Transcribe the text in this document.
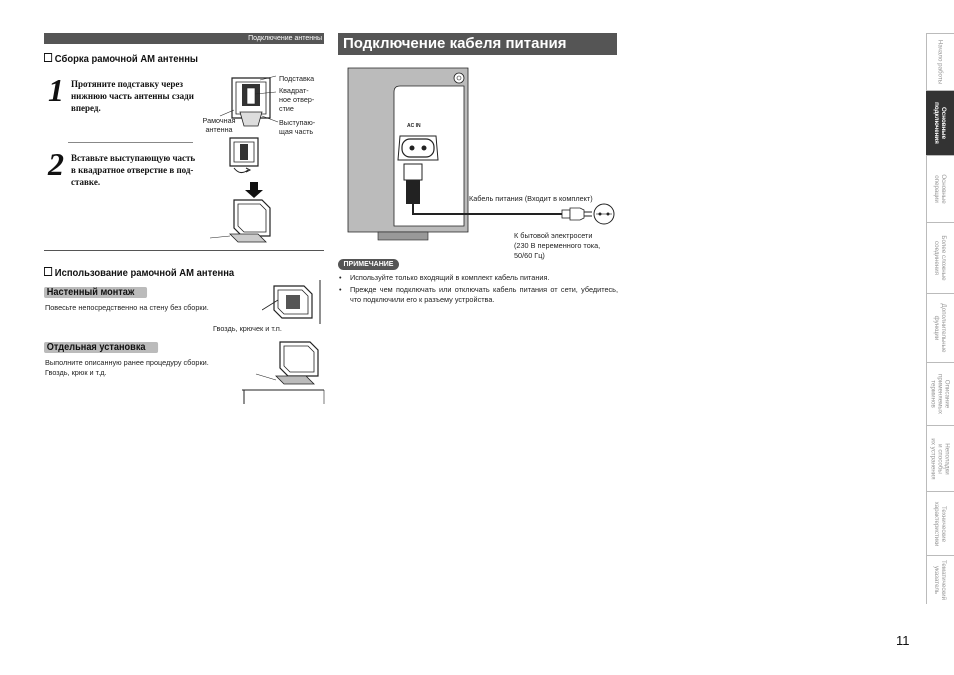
Подключение антенны
Сборка рамочной AM антенны
1 Протяните подставку через
нижнюю часть антенны сзади
вперед.
Подставка
Квадрат-
ное отвер-
стие
Рамочная
антенна
Выступаю-
щая часть
2 Вставьте выступающую часть
в квадратное отверстие в под-
ставке.
Использование рамочной AM антенна
Настенный монтаж
Повесьте непосредственно на стену без сборки.
Гвоздь, крючек и т.п.
Отдельная установка
Выполните описанную ранее процедуру сборки.
Гвоздь, крюк и т.д.
Подключение кабеля питания
AC IN
Кабель питания (Входит в комплект)
К бытовой электросети
(230 В переменного тока,
50/60 Гц)
ПРИМЕЧАНИЕ
• Используйте только входящий в комплект кабель питания.
• Прежде чем подключать или отключать кабель питания от сети, убедитесь, что подключили его к разъему устройства.
Начало работы
Основные
подключения
Основные
операции
Более сложные
соединения
Дополнительные
функции
Описание
применяемых
терминов
Неполадки
и способы
их устранения
Технические
характеристики
Тематический
указатель
11
